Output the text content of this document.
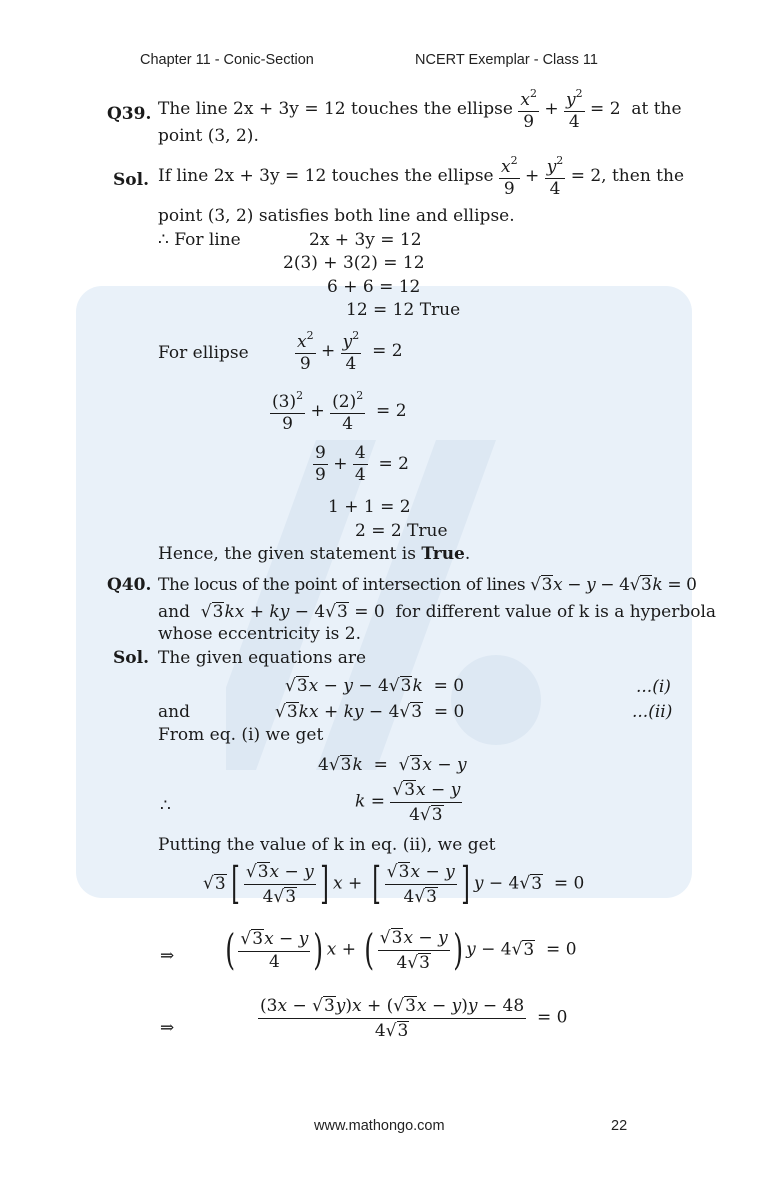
Chapter 11 - Conic-Section	NCERT Exemplar - Class 11
Q39. The line 2x + 3y = 12 touches the ellipse $\frac{x^2}{9} + \frac{y^2}{4} = 2$  at the
point (3, 2).
Sol. If line 2x + 3y = 12 touches the ellipse $\frac{x^2}{9} + \frac{y^2}{4} = 2$, then the
point (3, 2) satisfies both line and ellipse.
∴ For line	2x + 3y = 12
2(3) + 3(2) = 12
6 + 6 = 12
12 = 12 True
For ellipse	$\frac{x^2}{9} + \frac{y^2}{4} = 2$
$\frac{(3)^2}{9} + \frac{(2)^2}{4} = 2$
$\frac{9}{9} + \frac{4}{4} = 2$
1 + 1 = 2
2 = 2 True
Hence, the given statement is True.
Q40. The locus of the point of intersection of lines √3x − y − 4√3k = 0
and  √3kx + ky − 4√3 = 0  for different value of k is a hyperbola
whose eccentricity is 2.
Sol. The given equations are
√3x − y − 4√3k  = 0	...(i)
and	√3kx + ky − 4√3  = 0	...(ii)
From eq. (i) we get
4√3k  =  √3x − y
∴	$k = \frac{√3x - y}{4√3}$
Putting the value of k in eq. (ii), we get
√3 [ $\frac{√3x - y}{4√3}$ ] x + [ $\frac{√3x - y}{4√3}$ ] y − 4√3  = 0
⇒ ( $\frac{√3x - y}{4}$ ) x + ( $\frac{√3x - y}{4√3}$ ) y − 4√3  = 0
⇒	$\frac{(3x - √3y)x + (√3x - y)y - 48}{4√3} = 0$
www.mathongo.com	22
